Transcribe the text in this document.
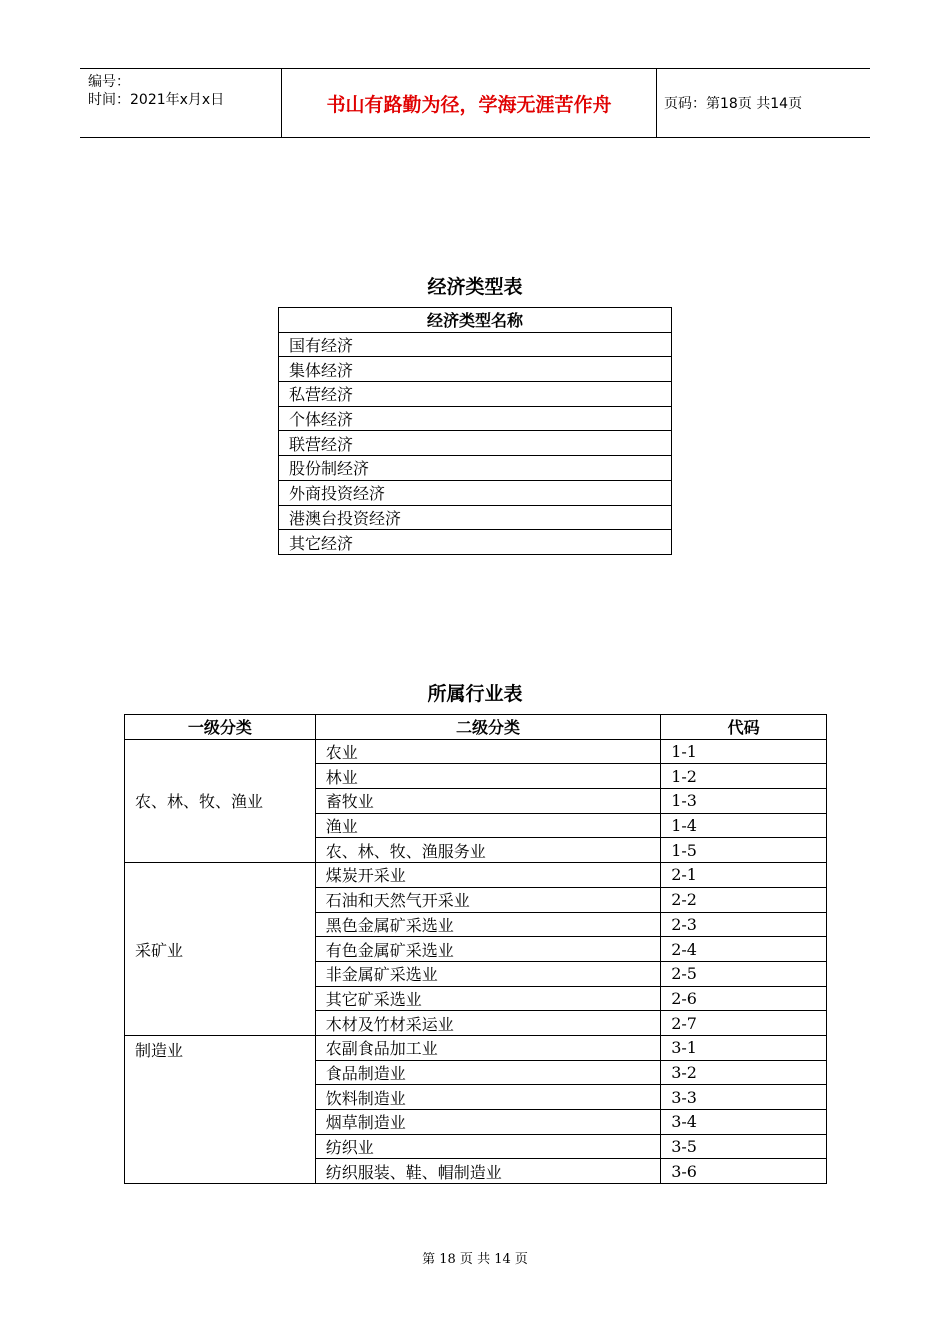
编号：
时间：2021年x月x日	书山有路勤为径，学海无涯苦作舟	页码：第18页 共14页
经济类型表
经济类型名称
国有经济
集体经济
私营经济
个体经济
联营经济
股份制经济
外商投资经济
港澳台投资经济
其它经济
所属行业表
一级分类	二级分类	代码
农、林、牧、渔业	农业	1-1
	林业	1-2
	畜牧业	1-3
	渔业	1-4
	农、林、牧、渔服务业	1-5
采矿业	煤炭开采业	2-1
	石油和天然气开采业	2-2
	黑色金属矿采选业	2-3
	有色金属矿采选业	2-4
	非金属矿采选业	2-5
	其它矿采选业	2-6
	木材及竹材采运业	2-7
制造业	农副食品加工业	3-1
	食品制造业	3-2
	饮料制造业	3-3
	烟草制造业	3-4
	纺织业	3-5
	纺织服装、鞋、帽制造业	3-6
第 18 页 共 14 页
